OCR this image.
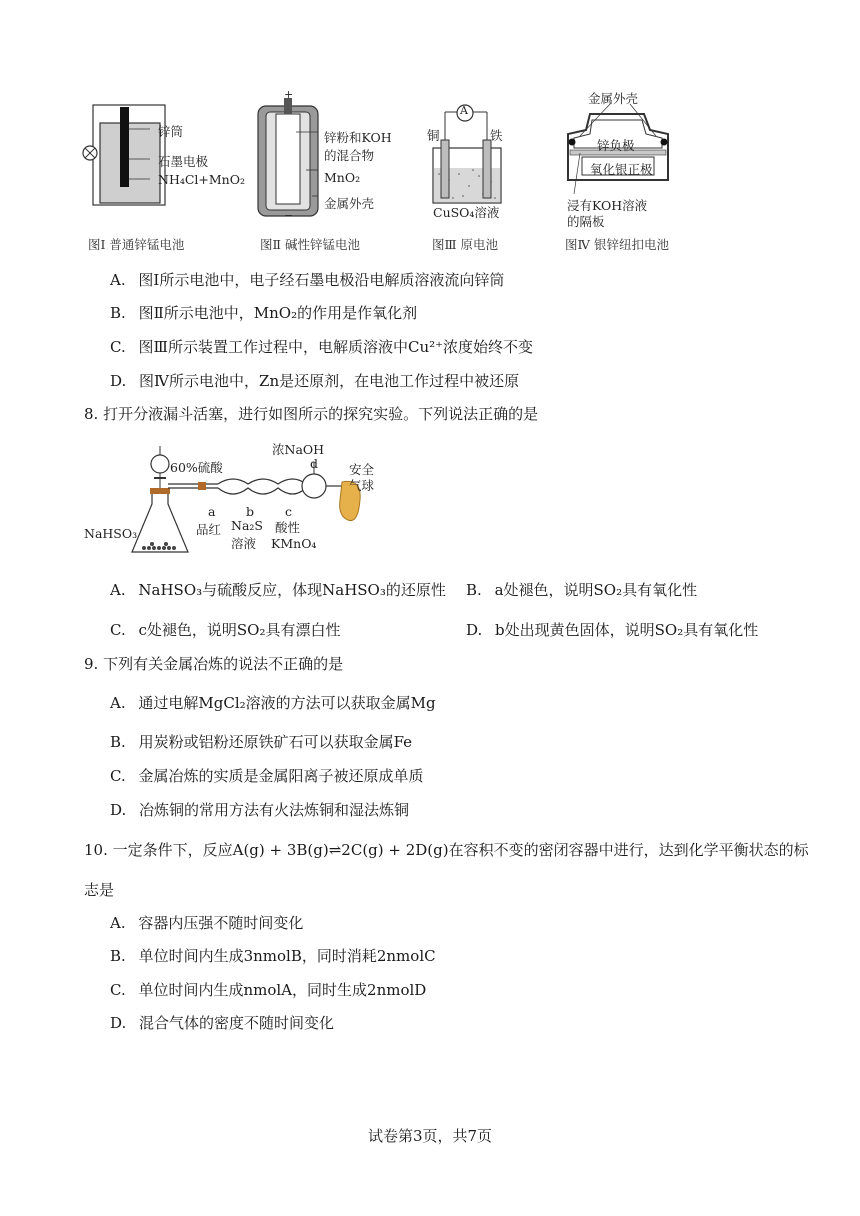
锌筒
石墨电极
NH₄Cl+MnO₂
图Ⅰ 普通锌锰电池
+
−
锌粉和KOH
的混合物
MnO₂
金属外壳
图Ⅱ 碱性锌锰电池
A
铜	铁
CuSO₄溶液
图Ⅲ 原电池
金属外壳
锌负极
氧化银正极
浸有KOH溶液
的隔板
图Ⅳ 银锌纽扣电池
A. 图Ⅰ所示电池中，电子经石墨电极沿电解质溶液流向锌筒
B. 图Ⅱ所示电池中，MnO₂的作用是作氧化剂
C. 图Ⅲ所示装置工作过程中，电解质溶液中Cu²⁺浓度始终不变
D. 图Ⅳ所示电池中，Zn是还原剂，在电池工作过程中被还原
8. 打开分液漏斗活塞，进行如图所示的探究实验。下列说法正确的是
60%硫酸
浓NaOH
d 安全
气球
a b c
品红 Na₂S
溶液
酸性
KMnO₄
NaHSO₃
A. NaHSO₃与硫酸反应，体现NaHSO₃的还原性 B. a处褪色，说明SO₂具有氧化性
C. c处褪色，说明SO₂具有漂白性	D. b处出现黄色固体，说明SO₂具有氧化性
9. 下列有关金属冶炼的说法不正确的是
A. 通过电解MgCl₂溶液的方法可以获取金属Mg
B. 用炭粉或铝粉还原铁矿石可以获取金属Fe
C. 金属冶炼的实质是金属阳离子被还原成单质
D. 冶炼铜的常用方法有火法炼铜和湿法炼铜
10. 一定条件下，反应A(g) + 3B(g)⇌2C(g) + 2D(g)在容积不变的密闭容器中进行，达到化学平衡状态的标
志是
A. 容器内压强不随时间变化
B. 单位时间内生成3nmolB，同时消耗2nmolC
C. 单位时间内生成nmolA，同时生成2nmolD
D. 混合气体的密度不随时间变化
试卷第3页，共7页
